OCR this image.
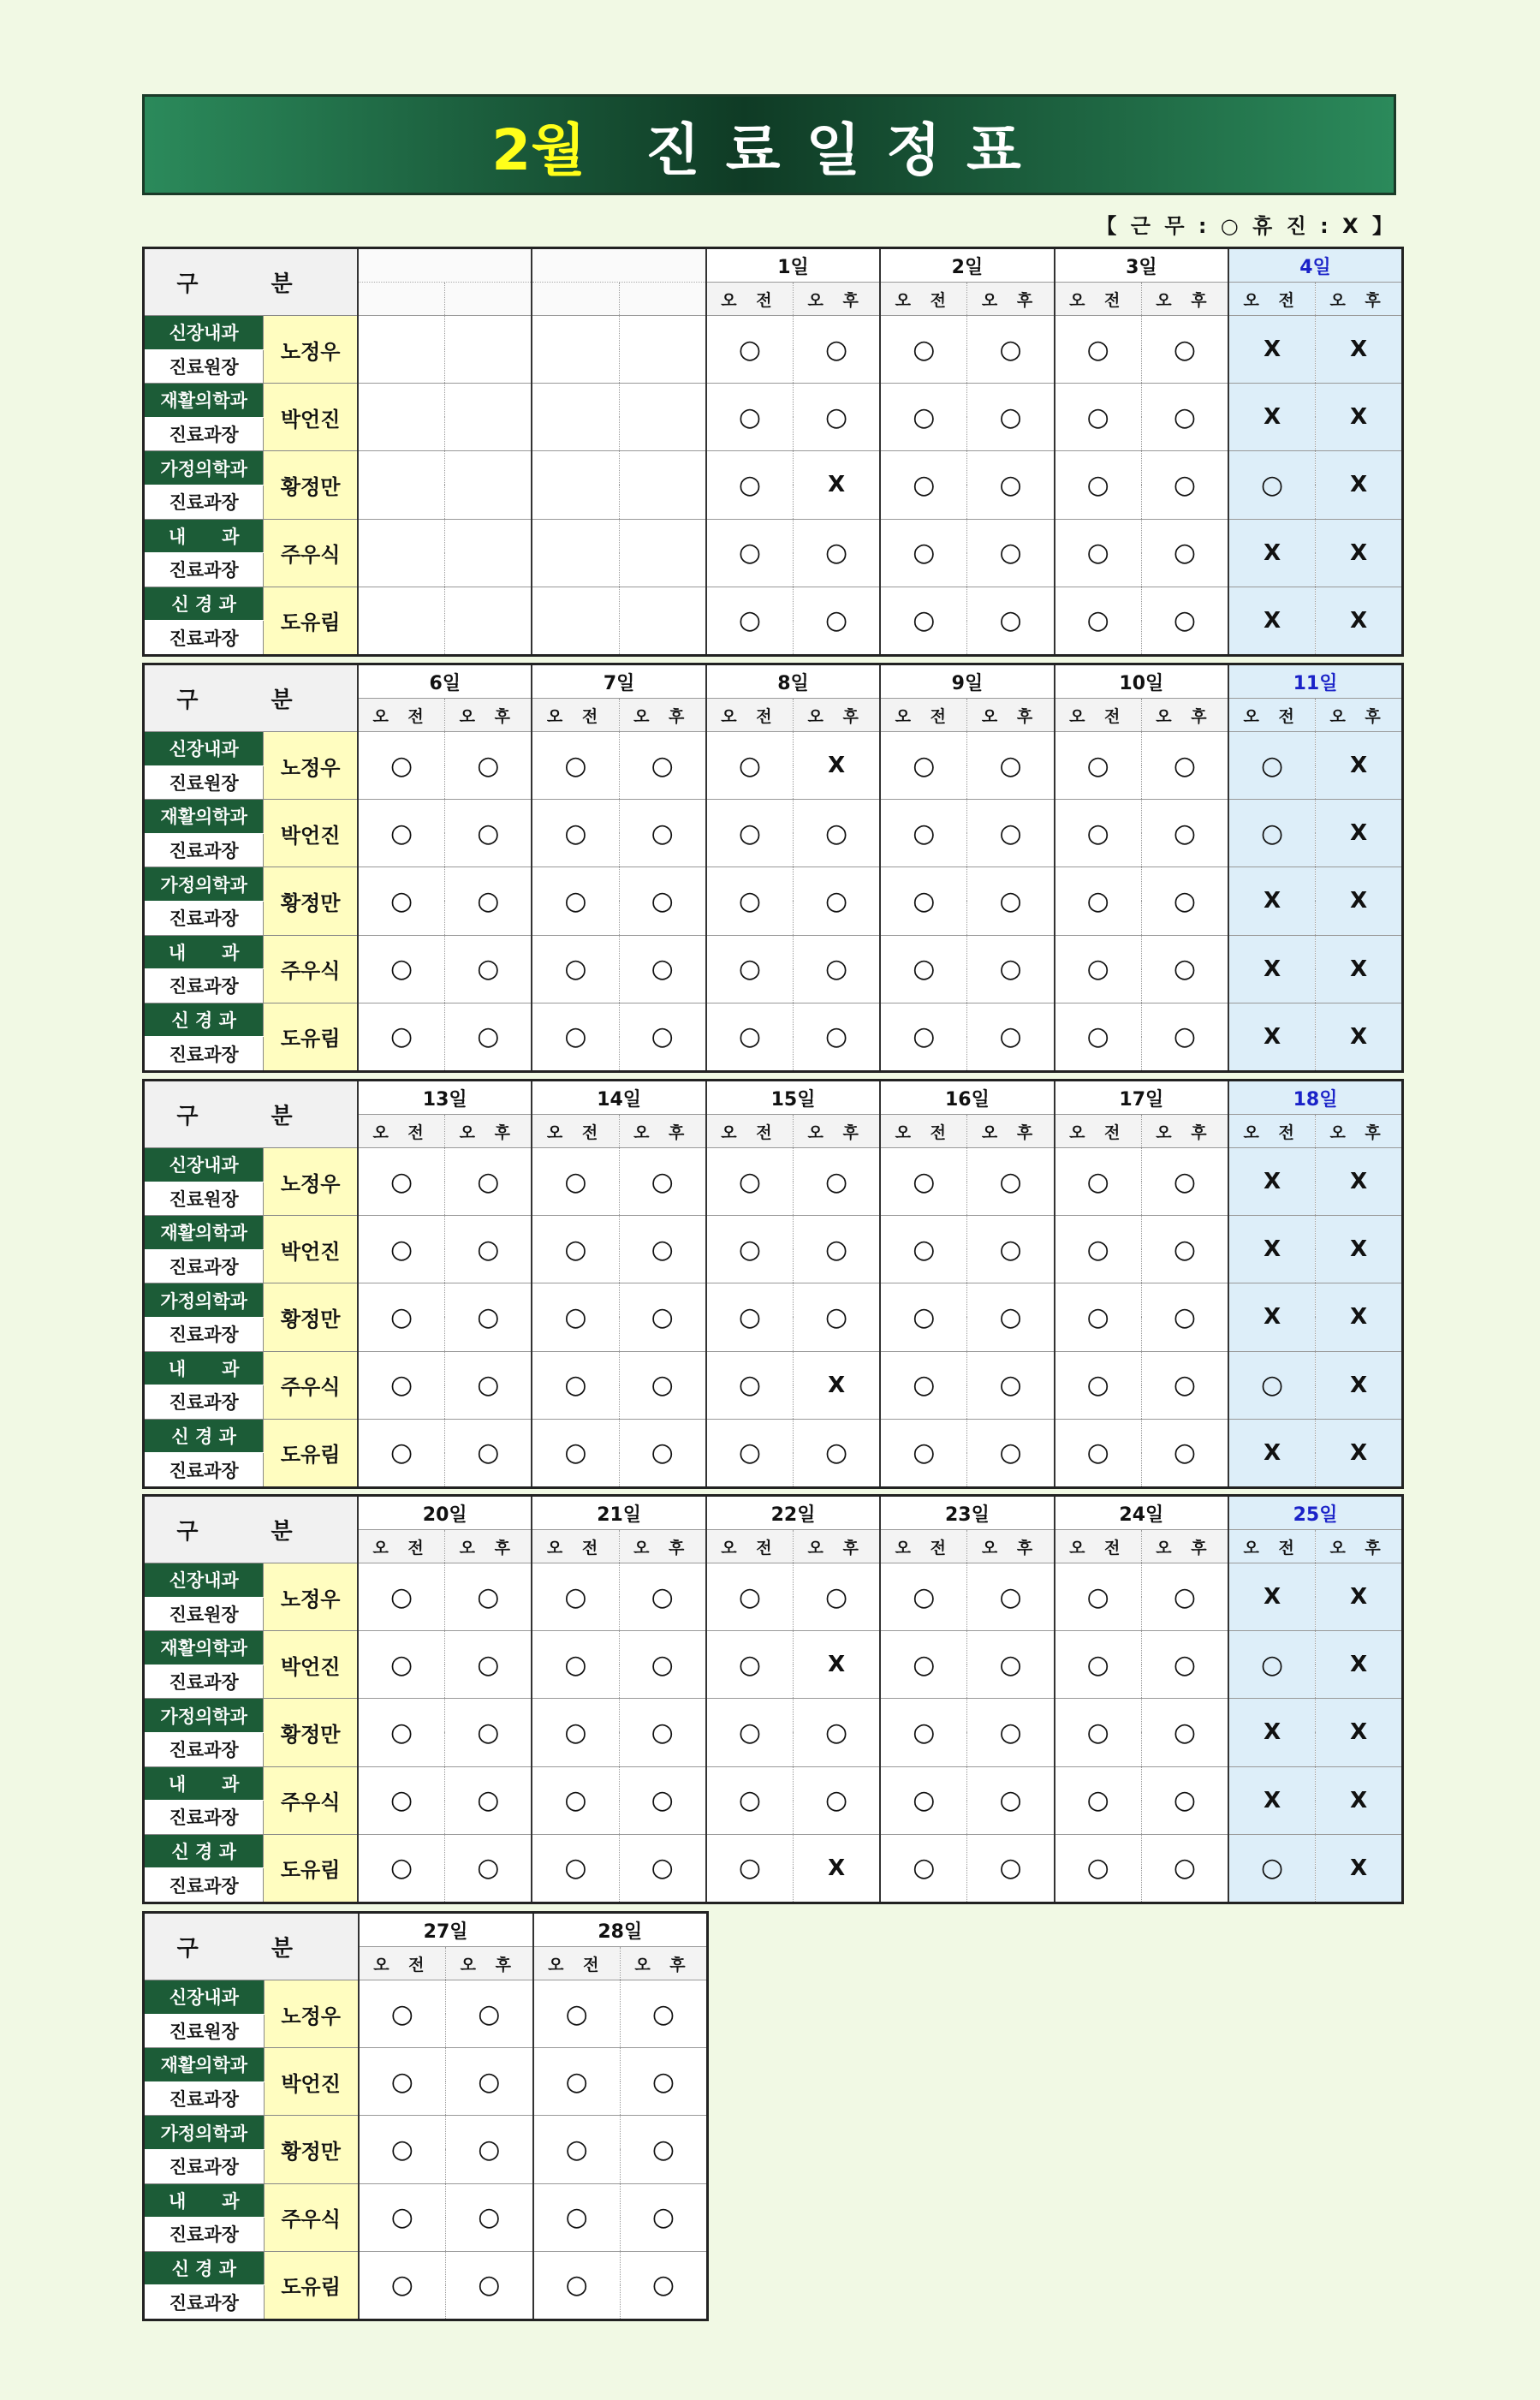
2월 진료일정표
【 근 무 : ○ 휴 진 : X 】
구 분						1일		2일		3일		4일	
						오 전	오 후	오 전	오 후	오 전	오 후	오 전	오 후
신장내과	노정우					○	○	○	○	○	○	X	X
진료원장													
재활의학과	박언진					○	○	○	○	○	○	X	X
진료과장													
가정의학과	황정만					○	X	○	○	○	○	○	X
진료과장													
내　　과	주우식					○	○	○	○	○	○	X	X
진료과장													
신 경 과	도유림					○	○	○	○	○	○	X	X
진료과장													
구 분		6일		7일		8일		9일		10일		11일	
		오 전	오 후	오 전	오 후	오 전	오 후	오 전	오 후	오 전	오 후	오 전	오 후
신장내과	노정우	○	○	○	○	○	X	○	○	○	○	○	X
진료원장													
재활의학과	박언진	○	○	○	○	○	○	○	○	○	○	○	X
진료과장													
가정의학과	황정만	○	○	○	○	○	○	○	○	○	○	X	X
진료과장													
내　　과	주우식	○	○	○	○	○	○	○	○	○	○	X	X
진료과장													
신 경 과	도유림	○	○	○	○	○	○	○	○	○	○	X	X
진료과장													
구 분		13일		14일		15일		16일		17일		18일	
		오 전	오 후	오 전	오 후	오 전	오 후	오 전	오 후	오 전	오 후	오 전	오 후
신장내과	노정우	○	○	○	○	○	○	○	○	○	○	X	X
진료원장													
재활의학과	박언진	○	○	○	○	○	○	○	○	○	○	X	X
진료과장													
가정의학과	황정만	○	○	○	○	○	○	○	○	○	○	X	X
진료과장													
내　　과	주우식	○	○	○	○	○	X	○	○	○	○	○	X
진료과장													
신 경 과	도유림	○	○	○	○	○	○	○	○	○	○	X	X
진료과장													
구 분		20일		21일		22일		23일		24일		25일	
		오 전	오 후	오 전	오 후	오 전	오 후	오 전	오 후	오 전	오 후	오 전	오 후
신장내과	노정우	○	○	○	○	○	○	○	○	○	○	X	X
진료원장													
재활의학과	박언진	○	○	○	○	○	X	○	○	○	○	○	X
진료과장													
가정의학과	황정만	○	○	○	○	○	○	○	○	○	○	X	X
진료과장													
내　　과	주우식	○	○	○	○	○	○	○	○	○	○	X	X
진료과장													
신 경 과	도유림	○	○	○	○	○	X	○	○	○	○	○	X
진료과장													
구 분		27일		28일	
		오 전	오 후	오 전	오 후
신장내과	노정우	○	○	○	○
진료원장					
재활의학과	박언진	○	○	○	○
진료과장					
가정의학과	황정만	○	○	○	○
진료과장					
내　　과	주우식	○	○	○	○
진료과장					
신 경 과	도유림	○	○	○	○
진료과장					
